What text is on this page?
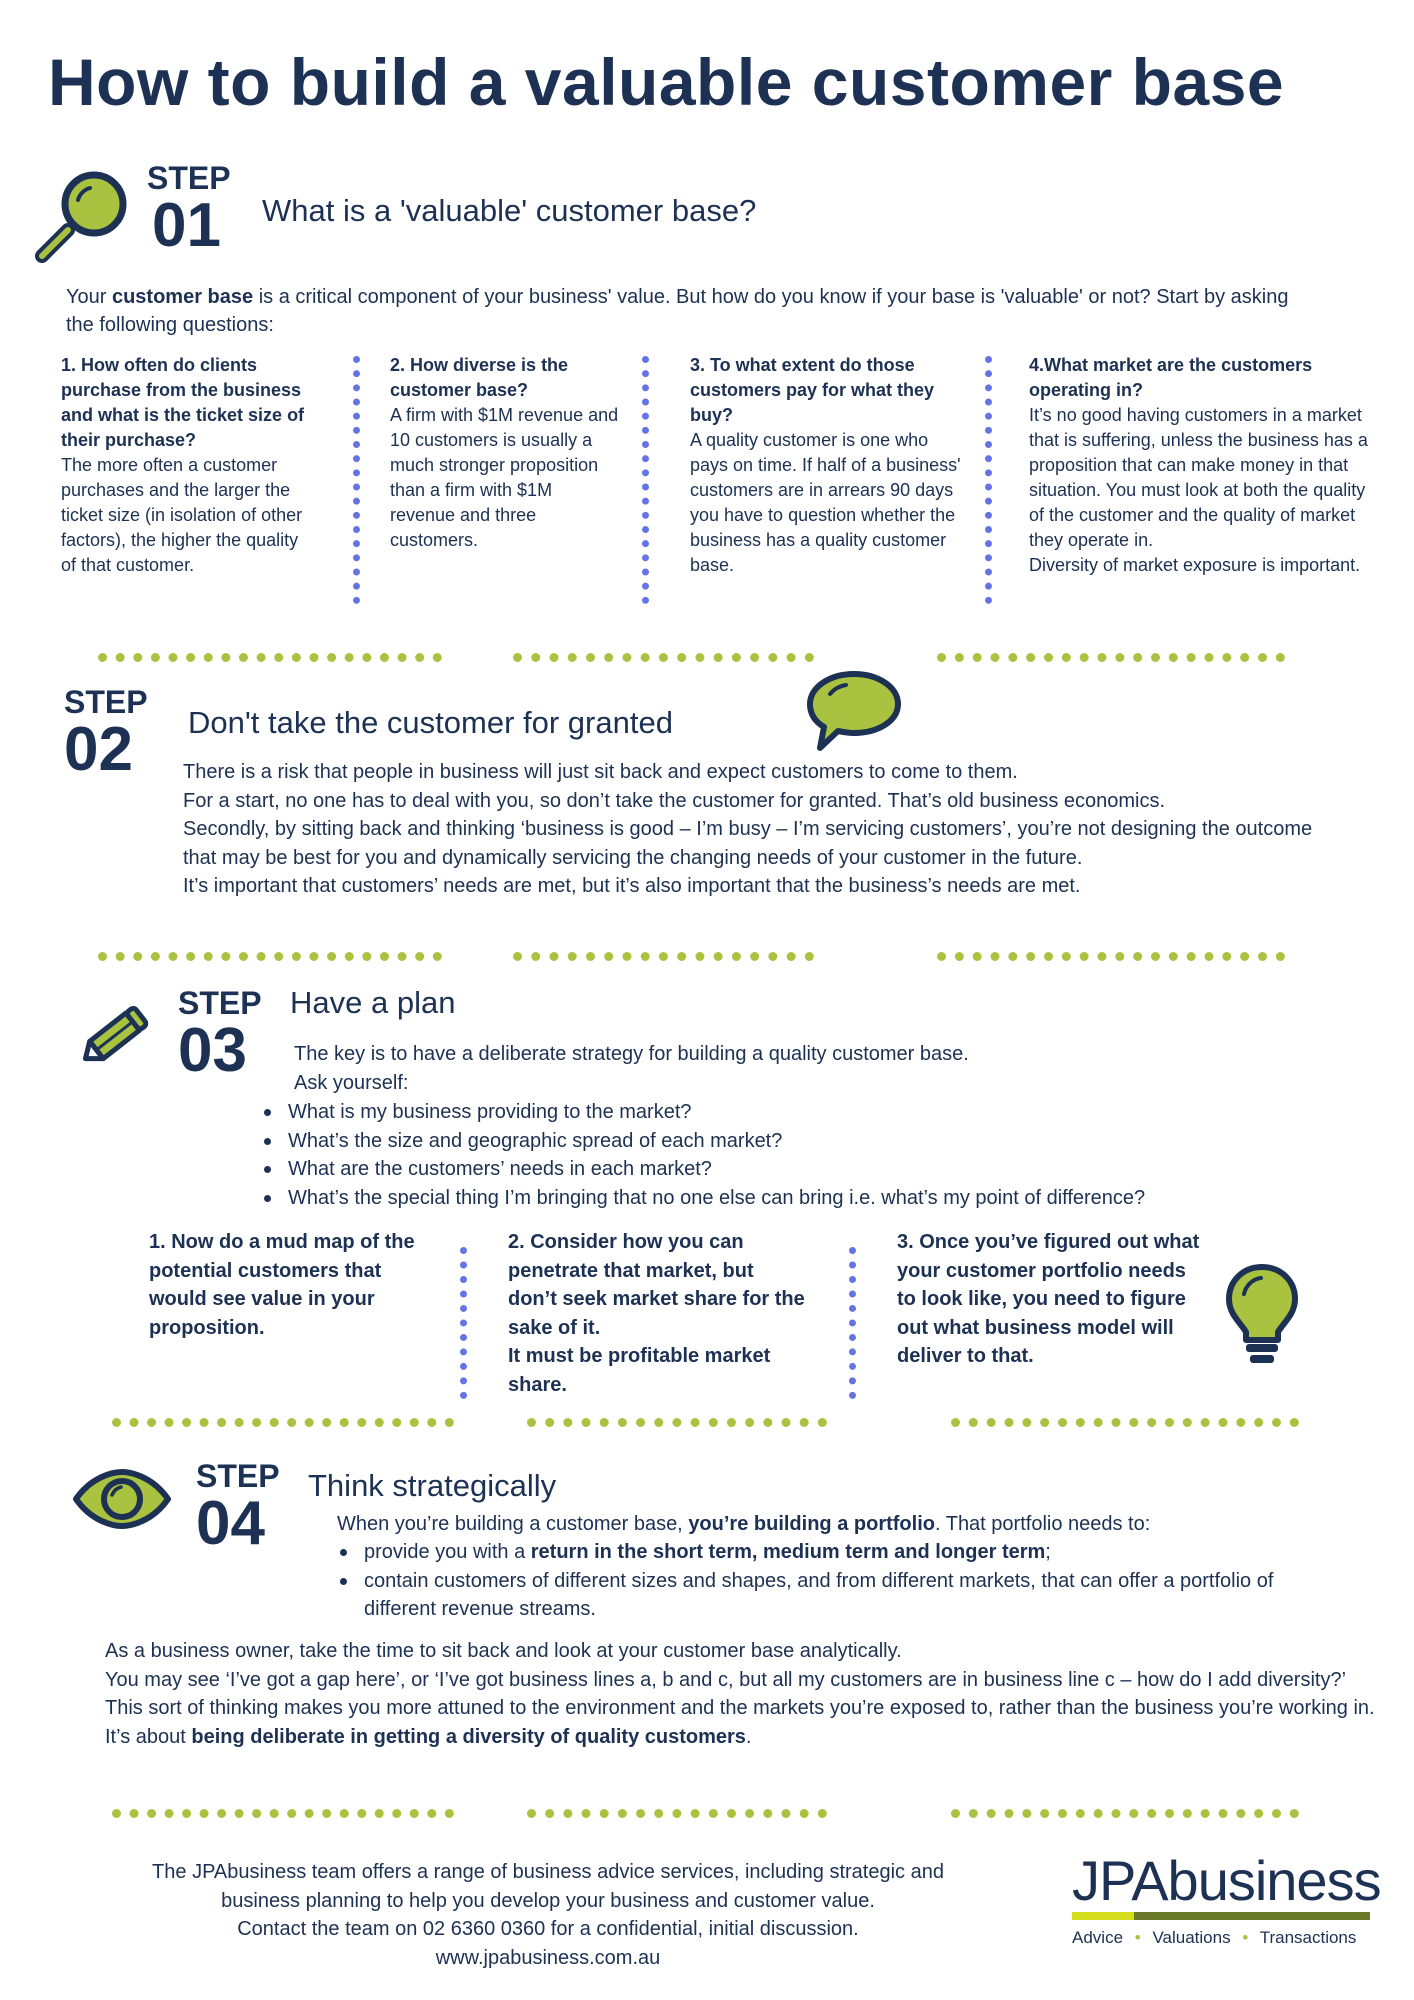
How to build a valuable customer base
STEP
01 What is a 'valuable' customer base?
Your customer base is a critical component of your business' value. But how do you know if your base is 'valuable' or not? Start by asking the following questions:
1. How often do clients purchase from the business and what is the ticket size of their purchase?
The more often a customer purchases and the larger the ticket size (in isolation of other factors), the higher the quality of that customer.
2. How diverse is the customer base?
A firm with $1M revenue and 10 customers is usually a much stronger proposition than a firm with $1M revenue and three customers.
3. To what extent do those customers pay for what they buy?
A quality customer is one who pays on time. If half of a business' customers are in arrears 90 days you have to question whether the business has a quality customer base.
4.What market are the customers operating in?
It’s no good having customers in a market that is suffering, unless the business has a proposition that can make money in that situation. You must look at both the quality of the customer and the quality of market they operate in.
Diversity of market exposure is important.
STEP
02 Don't take the customer for granted
There is a risk that people in business will just sit back and expect customers to come to them.
For a start, no one has to deal with you, so don’t take the customer for granted. That’s old business economics.
Secondly, by sitting back and thinking ‘business is good – I’m busy – I’m servicing customers’, you’re not designing the outcome that may be best for you and dynamically servicing the changing needs of your customer in the future.
It’s important that customers’ needs are met, but it’s also important that the business’s needs are met.
STEP
03
Have a plan
The key is to have a deliberate strategy for building a quality customer base.
Ask yourself:
What is my business providing to the market?
What’s the size and geographic spread of each market?
What are the customers’ needs in each market?
What’s the special thing I’m bringing that no one else can bring i.e. what’s my point of difference?
1. Now do a mud map of the potential customers that would see value in your proposition.
2. Consider how you can penetrate that market, but don’t seek market share for the sake of it.
It must be profitable market share.
3. Once you’ve figured out what your customer portfolio needs to look like, you need to figure out what business model will deliver to that.
STEP
04
Think strategically
When you’re building a customer base, you’re building a portfolio. That portfolio needs to:
provide you with a return in the short term, medium term and longer term;
contain customers of different sizes and shapes, and from different markets, that can offer a portfolio of different revenue streams.
As a business owner, take the time to sit back and look at your customer base analytically.
You may see ‘I’ve got a gap here’, or ‘I’ve got business lines a, b and c, but all my customers are in business line c – how do I add diversity?’
This sort of thinking makes you more attuned to the environment and the markets you’re exposed to, rather than the business you’re working in. It’s about being deliberate in getting a diversity of quality customers.
The JPAbusiness team offers a range of business advice services, including strategic and
business planning to help you develop your business and customer value.
Contact the team on 02 6360 0360 for a confidential, initial discussion.
www.jpabusiness.com.au
JPAbusiness
Advice • Valuations • Transactions
